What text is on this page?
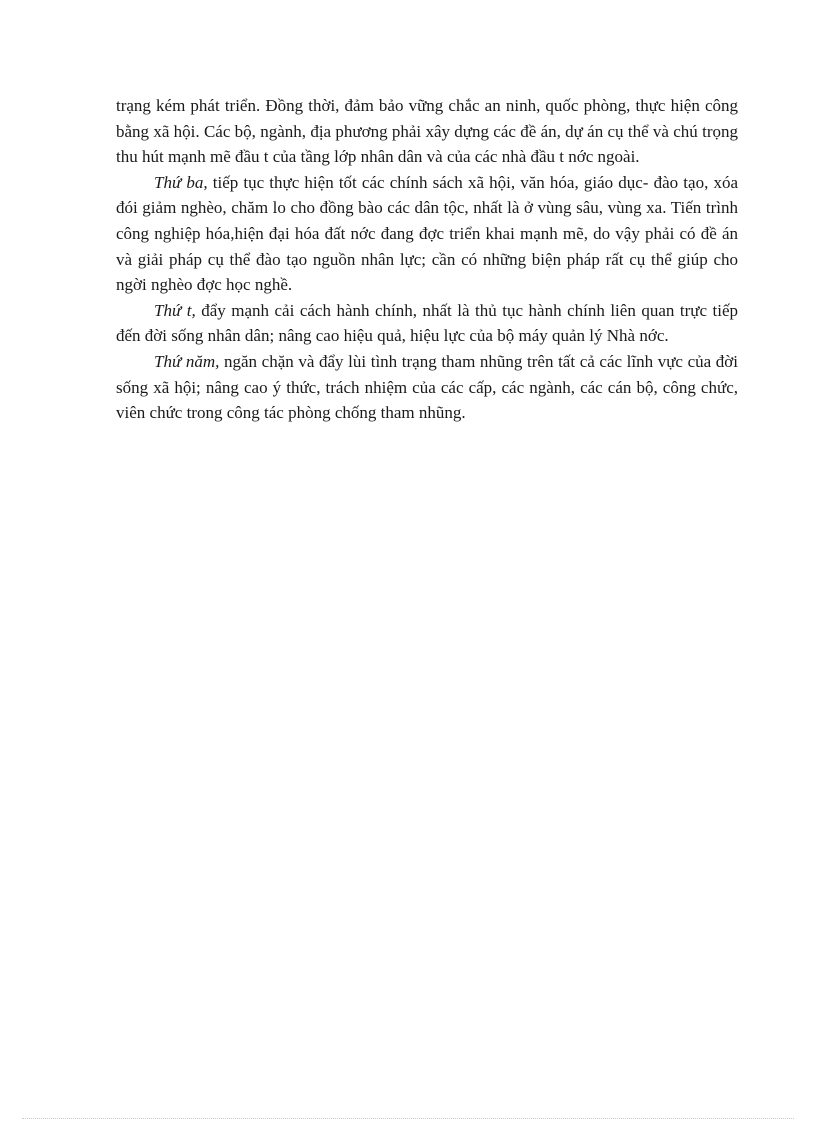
trạng kém phát triển. Đồng thời, đảm bảo vững chắc an ninh, quốc phòng, thực hiện công bằng xã hội. Các bộ, ngành, địa phương phải xây dựng các đề án, dự án cụ thể và chú trọng thu hút mạnh mẽ đầu t của tầng lớp nhân dân và của các nhà đầu t nớc ngoài.

Thứ ba, tiếp tục thực hiện tốt các chính sách xã hội, văn hóa, giáo dục- đào tạo, xóa đói giảm nghèo, chăm lo cho đồng bào các dân tộc, nhất là ở vùng sâu, vùng xa. Tiến trình công nghiệp hóa,hiện đại hóa đất nớc đang đợc triển khai mạnh mẽ, do vậy phải có đề án và giải pháp cụ thể đào tạo nguồn nhân lực; cần có những biện pháp rất cụ thể giúp cho ngời nghèo đợc học nghề.

Thứ t, đẩy mạnh cải cách hành chính, nhất là thủ tục hành chính liên quan trực tiếp đến đời sống nhân dân; nâng cao hiệu quả, hiệu lực của bộ máy quản lý Nhà nớc.

Thứ năm, ngăn chặn và đẩy lùi tình trạng tham nhũng trên tất cả các lĩnh vực của đời sống xã hội; nâng cao ý thức, trách nhiệm của các cấp, các ngành, các cán bộ, công chức, viên chức trong công tác phòng chống tham nhũng.
